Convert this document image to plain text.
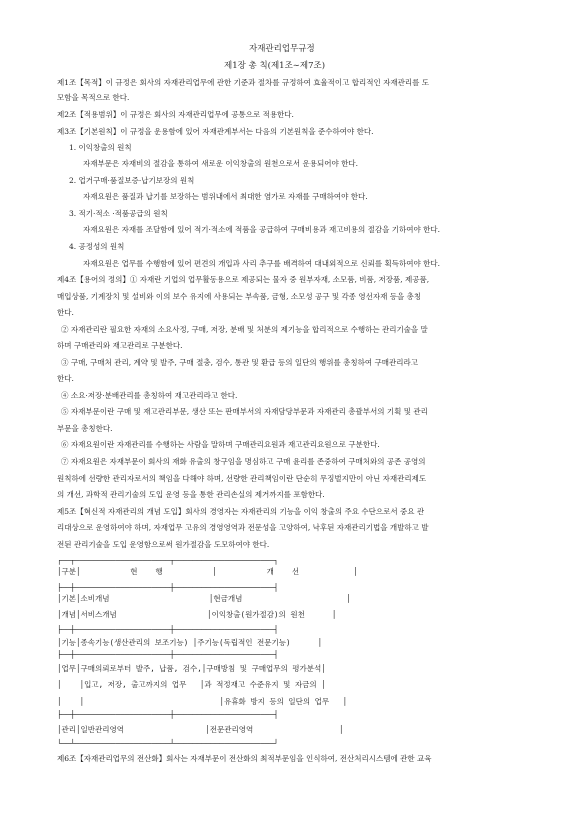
자재관리업무규정
제1장 총 칙(제1조∼제7조)
제1조【목적】이 규정은 회사의 자재관리업무에 관한 기준과 절차를 규정하여 효율적이고 합리적인 자재관리를 도
모함을 목적으로 한다.
제2조【적용범위】이 규정은 회사의 자재관리업무에 공통으로 적용한다.
제3조【기본원칙】이 규정을 운용함에 있어 자재관계부서는 다음의 기본원칙을 준수하여야 한다.
1. 이익창출의 원칙
자재부문은 자재비의 절감을 통하여 새로운 이익창출의 원천으로서 운용되어야 한다.
2. 업거구매·품질보증·납기보장의 원칙
자재요원은 품질과 납기를 보장하는 범위내에서 최대한 염가로 자재를 구매하여야 한다.
3. 적기·적소 ·적품공급의 원칙
자재요원은 자재를 조달함에 있어 적기·적소에 적품을 공급하여 구매비용과 재고비용의 절감을 기하여야 한다.
4. 공정성의 원칙
자재요원은 업무를 수행함에 있어 편견의 개입과 사리 추구를 배격하여 대내외적으로 신뢰를 획득하여야 한다.
제4조【용어의 정의】① 자재란 기업의 업무활동용으로 제공되는 물자 중 원부자재, 소모품, 비품, 저장품, 제공품,
매입상품, 기계장치 및 설비와 이의 보수 유지에 사용되는 부속품, 금형, 소모성 공구 및 각종 영선자재 등을 총칭
한다.
② 자재관리란 필요한 자재의 소요사정, 구매, 저장, 분배 및 처분의 제기능을 합리적으로 수행하는 관리기술을 말
하며 구매관리와 재고관리로 구분한다.
③ 구매, 구매처 관리, 계약 및 발주, 구매 절충, 검수, 통관 및 환급 등의 일단의 행위를 총칭하여 구매관리라고
한다.
④ 소요·저장·분배관리를 총칭하여 재고관리라고 한다.
⑤ 자재부문이란 구매 및 재고관리부문, 생산 또는 판매부서의 자재담당부문과 자재관리 총괄부서의 기획 및 관리
부문을 총칭한다.
⑥ 자재요원이란 자재관리를 수행하는 사람을 말하며 구매관리요원과 재고관리요원으로 구분한다.
⑦ 자재요원은 자재부문이 회사의 재화 유출의 창구임을 명심하고 구매 윤리를 존중하여 구매처와의 공존 공영의
원칙하에 선량한 관리자로서의 책임을 다해야 하며, 선량한 관리책임이란 단순히 무징벌지만이 아닌 자재관리제도
의 개선, 과학적 관리기술의 도입 운영 등을 통한 관리손실의 제거까지를 포함한다.
제5조【혁신적 자재관리의 개념 도입】회사의 경영자는 자재관리의 기능을 이익 창출의 주요 수단으로서 중요 관
리대상으로 운영하여야 하며, 자재업무 고유의 경영영역과 전문성을 고양하여, 낙후된 자재관리기법을 개발하고 발
전된 관리기술을 도입 운영함으로써 원가절감을 도모하여야 한다.
┌──┬─────────────────────┬──────────────────────┐
│구분│           현    행           │           개    선            │
├──┼─────────────────────┼──────────────────────┤
│기본│소비개념                      │현금개념                       │
│개념│서비스개념                    │이익창출(원가절감)의 원천      │
├──┼─────────────────────┼──────────────────────┤
│기능│종속기능(생산관리의 보조기능) │주기능(독립적인 전문기능)      │
├──┼─────────────────────┼──────────────────────┤
│업무│구매의뢰로부터 발주, 납품, 검수,│구매방침 및 구매업무의 평가분석│
│    │입고, 저장, 출고까지의 업무   │과 적정재고 수준유지 및 자금의 │
│    │                              │유휴화 방지 등의 일단의 업무   │
├──┼─────────────────────┼──────────────────────┤
│관리│일반관리영역                  │전문관리영역                   │
└──┴─────────────────────┴──────────────────────┘
제6조【자재관리업무의 전산화】회사는 자재부문이 전산화의 최적부문임을 인식하여, 전산처리시스템에 관한 교육
